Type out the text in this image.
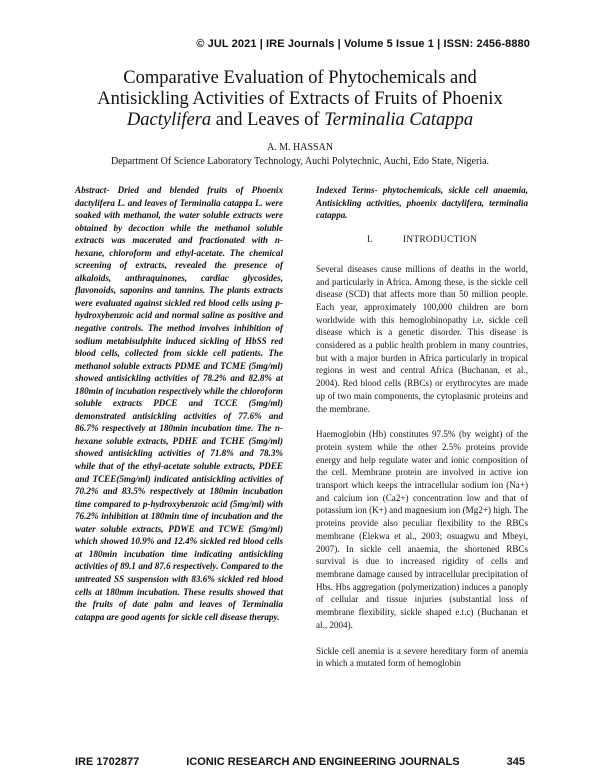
© JUL 2021 | IRE Journals | Volume 5 Issue 1 | ISSN: 2456-8880
Comparative Evaluation of Phytochemicals and
Antisickling Activities of Extracts of Fruits of Phoenix
Dactylifera and Leaves of Terminalia Catappa
A. M. HASSAN
Department Of Science Laboratory Technology, Auchi Polytechnic, Auchi, Edo State, Nigeria.

Abstract- Dried and blended fruits of Phoenix dactylifera L. and leaves of Terminalia catappa L. were soaked with methanol, the water soluble extracts were obtained by decoction while the methanol soluble extracts was macerated and fractionated with n-hexane, chloroform and ethyl-acetate. The chemical screening of extracts, revealed the presence of alkaloids, anthraquinones, cardiac glycosides, flavonoids, saponins and tannins. The plants extracts were evaluated against sickled red blood cells using p-hydroxybenzoic acid and normal saline as positive and negative controls. The method involves inhibition of sodium metabisulphite induced sickling of HbSS red blood cells, collected from sickle cell patients. The methanol soluble extracts PDME and TCME (5mg/ml) showed antisickling activities of 78.2% and 82.8% at 180min of incubation respectively while the chloroform soluble extracts PDCE and TCCE (5mg/ml) demonstrated antisickling activities of 77.6% and 86.7% respectively at 180min incubation time. The n-hexane soluble extracts, PDHE and TCHE (5mg/ml) showed antisickling activities of 71.8% and 78.3% while that of the ethyl-acetate soluble extracts, PDEE and TCEE(5mg/ml) indicated antisickling activities of 70.2% and 83.5% respectively at 180min incubation time compared to p-hydroxybenzoic acid (5mg/ml) with 76.2% inhibition at 180min time of incubation and the water soluble extracts, PDWE and TCWE (5mg/ml) which showed 10.9% and 12.4% sickled red blood cells at 180min incubation time indicating antisickling activities of 89.1 and 87.6 respectively. Compared to the untreated SS suspension with 83.6% sickled red blood cells at 180mm incubation. These results showed that the fruits of date palm and leaves of Terminalia catappa are good agents for sickle cell disease therapy.

Indexed Terms- phytochemicals, sickle cell anaemia, Antisickling activities, phoenix dactylifera, terminalia catappa.

I.	INTRODUCTION

Several diseases cause millions of deaths in the world, and particularly in Africa. Among these, is the sickle cell disease (SCD) that affects more than 50 million people. Each year, approximately 100,000 children are born worldwide with this hemoglobinopathy i.e. sickle cell disease which is a genetic disorder. This disease is considered as a public health problem in many countries, but with a major burden in Africa particularly in tropical regions in west and central Africa (Buchanan, et al., 2004). Red blood cells (RBCs) or erythrocytes are made up of two main components, the cytoplasmic proteins and the membrane.

Haemoglobin (Hb) constitutes 97.5% (by weight) of the protein system while the other 2.5% proteins provide energy and help regulate water and ionic composition of the cell. Membrane protein are involved in active ion transport which keeps the intracellular sodium ion (Na+) and calcium ion (Ca2+) concentration low and that of potassium ion (K+) and magnesium ion (Mg2+) high. The proteins provide also peculiar flexibility to the RBCs membrane (Elekwa et al., 2003; osuagwu and Mbeyi, 2007). In sickle cell anaemia, the shortened RBCs survival is due to increased rigidity of cells and membrane damage caused by intracellular precipitation of Hbs. Hbs aggregation (polymerization) induces a panoply of cellular and tissue injuries (substantial loss of membrane flexibility, sickle shaped e.t.c) (Buchanan et al., 2004).

Sickle cell anemia is a severe hereditary form of anemia in which a mutated form of hemoglobin

IRE 1702877	ICONIC RESEARCH AND ENGINEERING JOURNALS	345
